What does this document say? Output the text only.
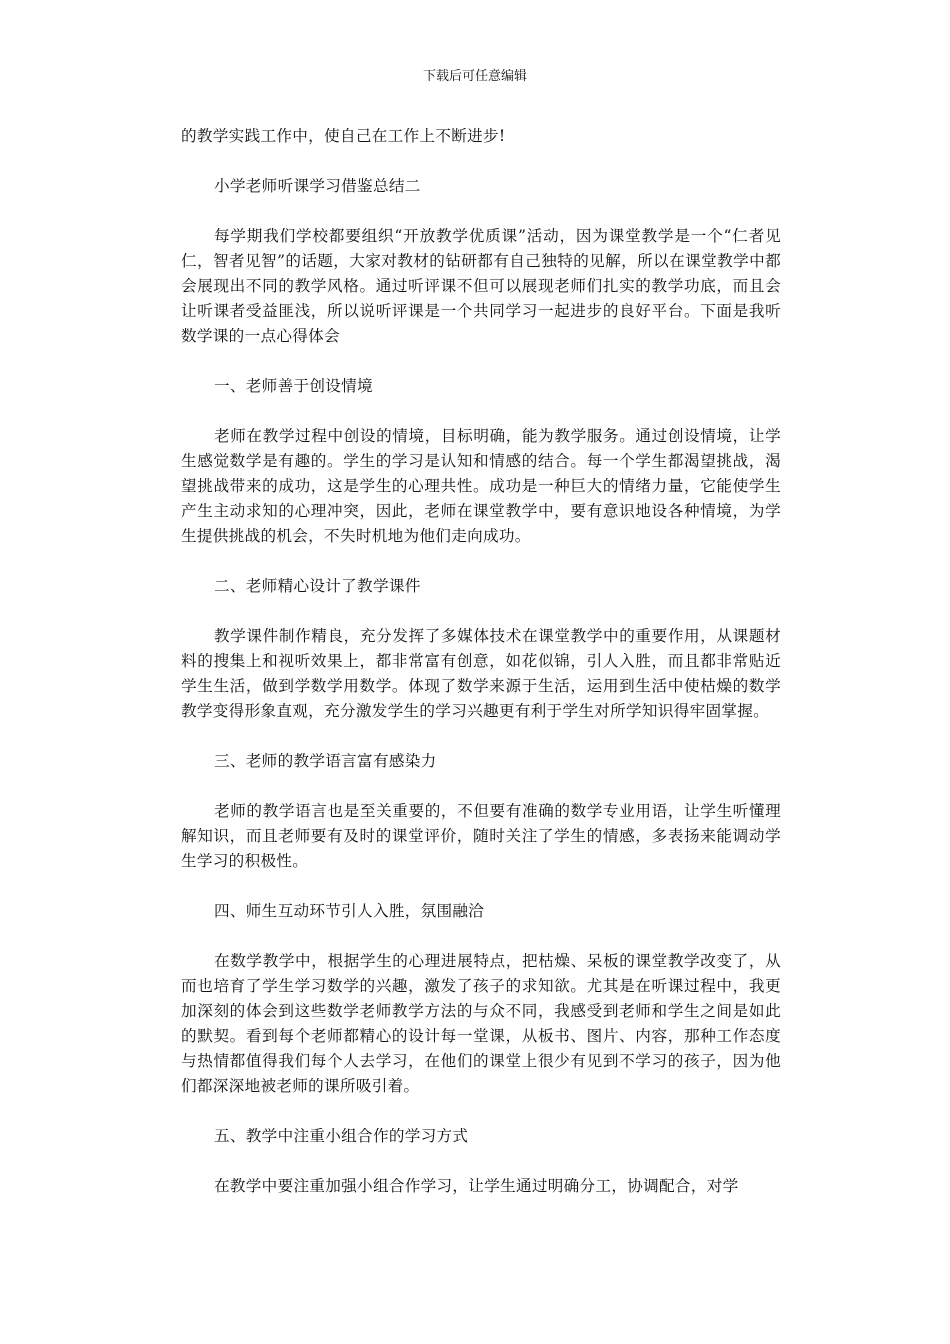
下载后可任意编辑

的教学实践工作中，使自己在工作上不断进步!

小学老师听课学习借鉴总结二

每学期我们学校都要组织“开放教学优质课”活动，因为课堂教学是一个“仁者见仁，智者见智”的话题，大家对教材的钻研都有自己独特的见解，所以在课堂教学中都会展现出不同的教学风格。通过听评课不但可以展现老师们扎实的教学功底，而且会让听课者受益匪浅，所以说听评课是一个共同学习一起进步的良好平台。下面是我听数学课的一点心得体会

一、老师善于创设情境

老师在教学过程中创设的情境，目标明确，能为教学服务。通过创设情境，让学生感觉数学是有趣的。学生的学习是认知和情感的结合。每一个学生都渴望挑战，渴望挑战带来的成功，这是学生的心理共性。成功是一种巨大的情绪力量，它能使学生产生主动求知的心理冲突，因此，老师在课堂教学中，要有意识地设各种情境，为学生提供挑战的机会，不失时机地为他们走向成功。

二、老师精心设计了教学课件

教学课件制作精良，充分发挥了多媒体技术在课堂教学中的重要作用，从课题材料的搜集上和视听效果上，都非常富有创意，如花似锦，引人入胜，而且都非常贴近学生生活，做到学数学用数学。体现了数学来源于生活，运用到生活中使枯燥的数学教学变得形象直观，充分激发学生的学习兴趣更有利于学生对所学知识得牢固掌握。

三、老师的教学语言富有感染力

老师的教学语言也是至关重要的，不但要有准确的数学专业用语，让学生听懂理解知识，而且老师要有及时的课堂评价，随时关注了学生的情感，多表扬来能调动学生学习的积极性。

四、师生互动环节引人入胜，氛围融洽

在数学教学中，根据学生的心理进展特点，把枯燥、呆板的课堂教学改变了，从而也培育了学生学习数学的兴趣，激发了孩子的求知欲。尤其是在听课过程中，我更加深刻的体会到这些数学老师教学方法的与众不同，我感受到老师和学生之间是如此的默契。看到每个老师都精心的设计每一堂课，从板书、图片、内容，那种工作态度与热情都值得我们每个人去学习，在他们的课堂上很少有见到不学习的孩子，因为他们都深深地被老师的课所吸引着。

五、教学中注重小组合作的学习方式

在教学中要注重加强小组合作学习，让学生通过明确分工，协调配合，对学
